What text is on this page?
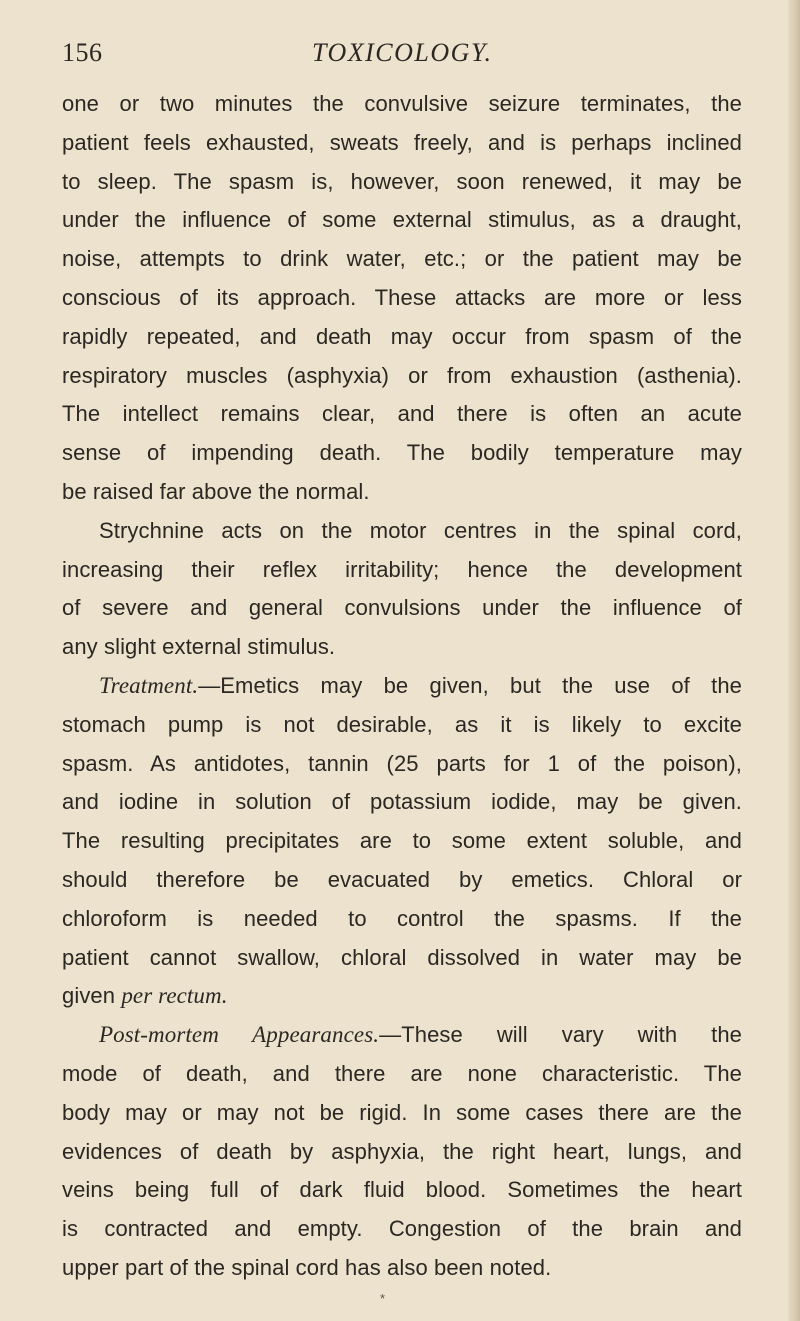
156	TOXICOLOGY.
one or two minutes the convulsive seizure terminates, the
patient feels exhausted, sweats freely, and is perhaps inclined
to sleep. The spasm is, however, soon renewed, it may be
under the influence of some external stimulus, as a draught,
noise, attempts to drink water, etc.; or the patient may be
conscious of its approach. These attacks are more or less
rapidly repeated, and death may occur from spasm of the
respiratory muscles (asphyxia) or from exhaustion (asthenia).
The intellect remains clear, and there is often an acute
sense of impending death. The bodily temperature may
be raised far above the normal.
Strychnine acts on the motor centres in the spinal cord,
increasing their reflex irritability; hence the development
of severe and general convulsions under the influence of
any slight external stimulus.
Treatment.—Emetics may be given, but the use of the
stomach pump is not desirable, as it is likely to excite
spasm. As antidotes, tannin (25 parts for 1 of the poison),
and iodine in solution of potassium iodide, may be given.
The resulting precipitates are to some extent soluble, and
should therefore be evacuated by emetics. Chloral or
chloroform is needed to control the spasms. If the
patient cannot swallow, chloral dissolved in water may be
given per rectum.
Post-mortem Appearances.—These will vary with the
mode of death, and there are none characteristic. The
body may or may not be rigid. In some cases there are the
evidences of death by asphyxia, the right heart, lungs, and
veins being full of dark fluid blood. Sometimes the heart
is contracted and empty. Congestion of the brain and
upper part of the spinal cord has also been noted.
*
